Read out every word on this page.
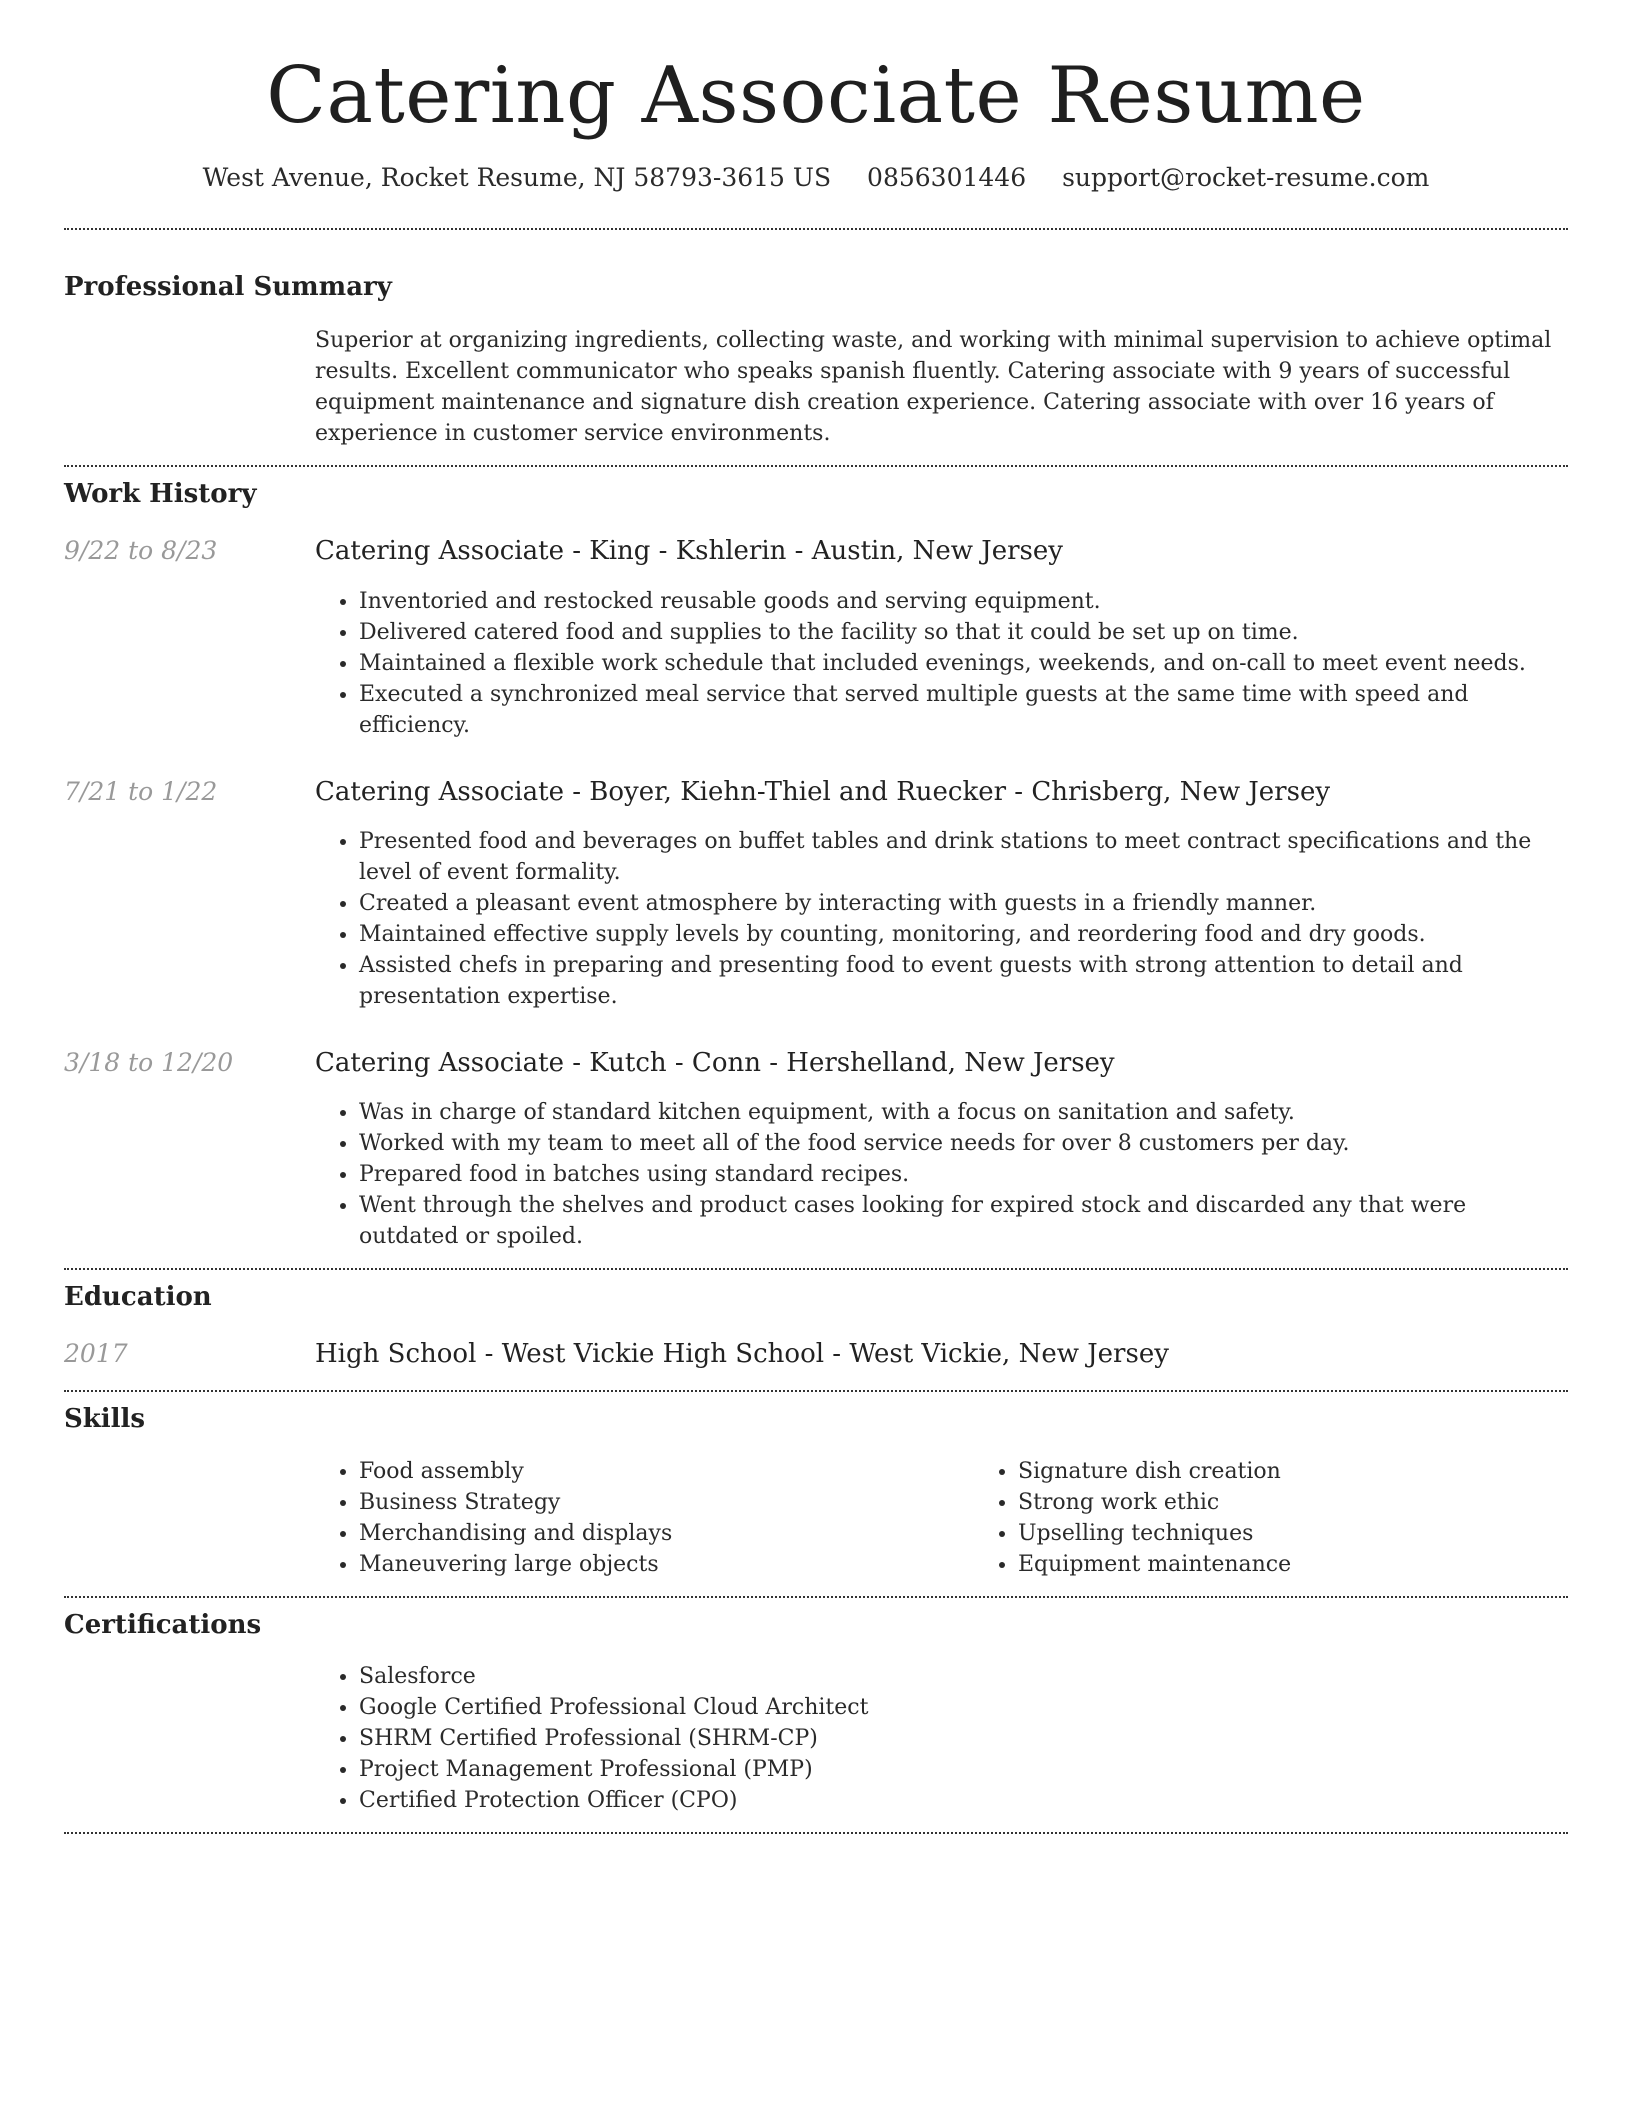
Catering Associate Resume
West Avenue, Rocket Resume, NJ 58793-3615 US 0856301446 support@rocket-resume.com
Professional Summary

Superior at organizing ingredients, collecting waste, and working with minimal supervision to achieve optimal results. Excellent communicator who speaks spanish fluently. Catering associate with 9 years of successful equipment maintenance and signature dish creation experience. Catering associate with over 16 years of experience in customer service environments.

Work History
9/22 to 8/23	Catering Associate - King - Kshlerin - Austin, New Jersey
• Inventoried and restocked reusable goods and serving equipment.
• Delivered catered food and supplies to the facility so that it could be set up on time.
• Maintained a flexible work schedule that included evenings, weekends, and on-call to meet event needs.
• Executed a synchronized meal service that served multiple guests at the same time with speed and efficiency.
7/21 to 1/22	Catering Associate - Boyer, Kiehn-Thiel and Ruecker - Chrisberg, New Jersey
• Presented food and beverages on buffet tables and drink stations to meet contract specifications and the level of event formality.
• Created a pleasant event atmosphere by interacting with guests in a friendly manner.
• Maintained effective supply levels by counting, monitoring, and reordering food and dry goods.
• Assisted chefs in preparing and presenting food to event guests with strong attention to detail and presentation expertise.
3/18 to 12/20	Catering Associate - Kutch - Conn - Hershelland, New Jersey
• Was in charge of standard kitchen equipment, with a focus on sanitation and safety.
• Worked with my team to meet all of the food service needs for over 8 customers per day.
• Prepared food in batches using standard recipes.
• Went through the shelves and product cases looking for expired stock and discarded any that were outdated or spoiled.
Education
2017	High School - West Vickie High School - West Vickie, New Jersey
Skills
• Food assembly
• Business Strategy
• Merchandising and displays
• Maneuvering large objects
• Signature dish creation
• Strong work ethic
• Upselling techniques
• Equipment maintenance
Certifications
• Salesforce
• Google Certified Professional Cloud Architect
• SHRM Certified Professional (SHRM-CP)
• Project Management Professional (PMP)
• Certified Protection Officer (CPO)
